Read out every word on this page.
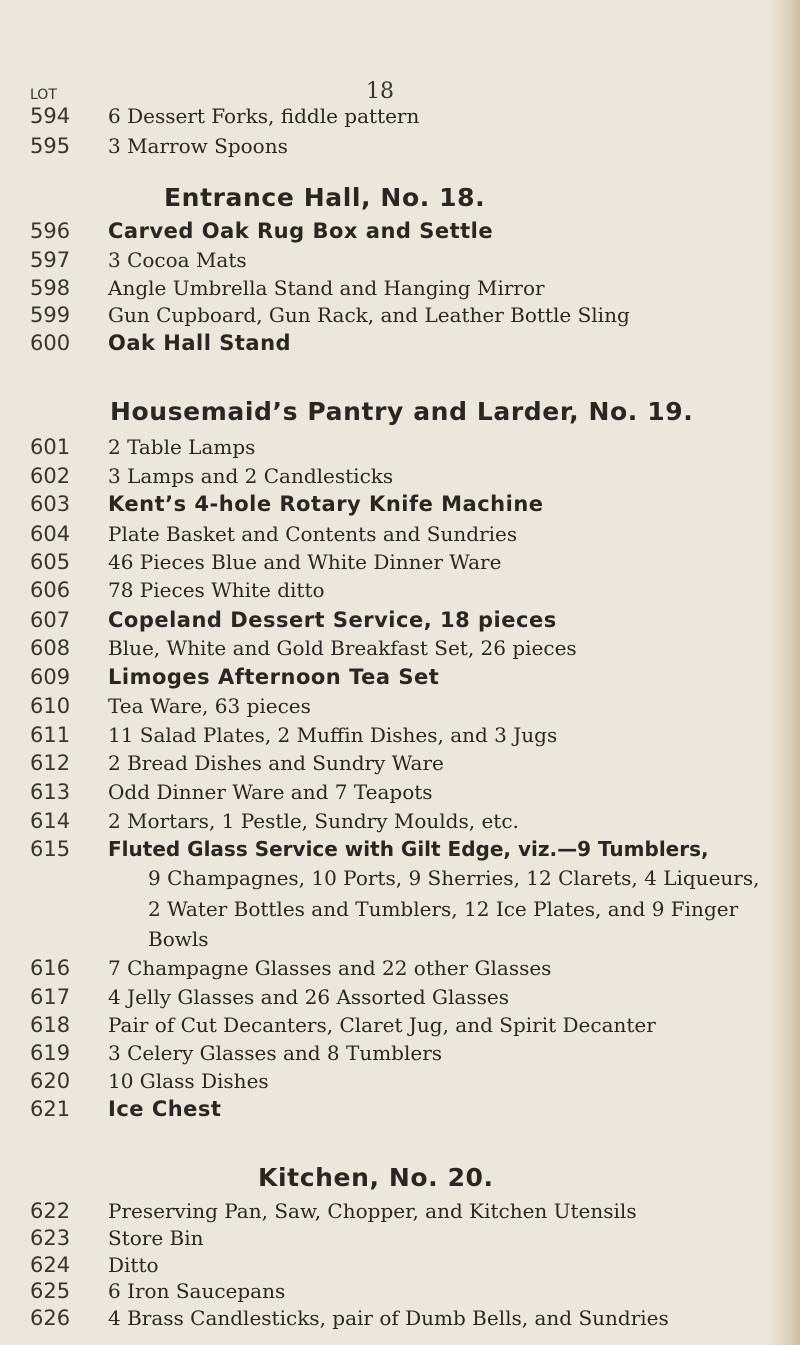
18
LOT
594	6 Dessert Forks, fiddle pattern
595	3 Marrow Spoons
Entrance Hall, No. 18.
596	Carved Oak Rug Box and Settle
597	3 Cocoa Mats
598	Angle Umbrella Stand and Hanging Mirror
599	Gun Cupboard, Gun Rack, and Leather Bottle Sling
600	Oak Hall Stand
Housemaid’s Pantry and Larder, No. 19.
601	2 Table Lamps
602	3 Lamps and 2 Candlesticks
603	Kent’s 4-hole Rotary Knife Machine
604	Plate Basket and Contents and Sundries
605	46 Pieces Blue and White Dinner Ware
606	78 Pieces White ditto
607	Copeland Dessert Service, 18 pieces
608	Blue, White and Gold Breakfast Set, 26 pieces
609	Limoges Afternoon Tea Set
610	Tea Ware, 63 pieces
611	11 Salad Plates, 2 Muffin Dishes, and 3 Jugs
612	2 Bread Dishes and Sundry Ware
613	Odd Dinner Ware and 7 Teapots
614	2 Mortars, 1 Pestle, Sundry Moulds, etc.
615	Fluted Glass Service with Gilt Edge, viz.—9 Tumblers,
9 Champagnes, 10 Ports, 9 Sherries, 12 Clarets, 4 Liqueurs,
2 Water Bottles and Tumblers, 12 Ice Plates, and 9 Finger
Bowls
616	7 Champagne Glasses and 22 other Glasses
617	4 Jelly Glasses and 26 Assorted Glasses
618	Pair of Cut Decanters, Claret Jug, and Spirit Decanter
619	3 Celery Glasses and 8 Tumblers
620	10 Glass Dishes
621	Ice Chest
Kitchen, No. 20.
622	Preserving Pan, Saw, Chopper, and Kitchen Utensils
623	Store Bin
624	Ditto
625	6 Iron Saucepans
626	4 Brass Candlesticks, pair of Dumb Bells, and Sundries
